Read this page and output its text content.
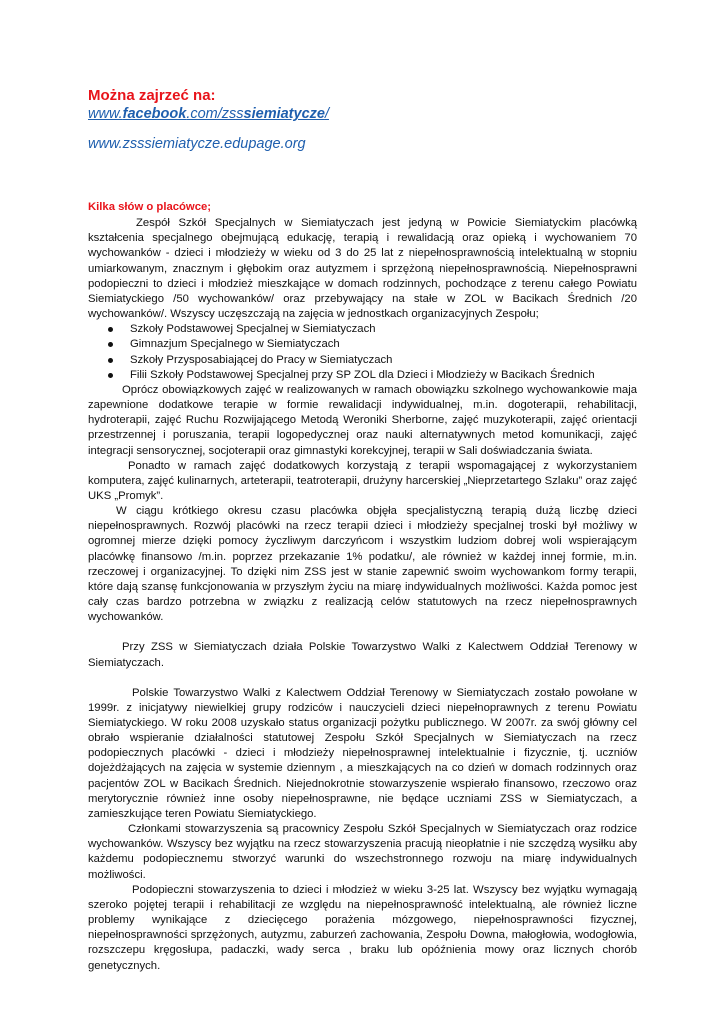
Można zajrzeć na:

www.facebook.com/zsssiemiatycze/

www.zsssiemiatycze.edupage.org

Kilka słów o placówce;

Zespół Szkół Specjalnych w Siemiatyczach jest jedyną w Powicie Siemiatyckim placówką kształcenia specjalnego obejmującą edukację, terapią i rewalidacją oraz opieką i wychowaniem 70 wychowanków - dzieci i młodzieży w wieku od 3 do 25 lat z niepełnosprawnością intelektualną w stopniu umiarkowanym, znacznym i głębokim oraz autyzmem i sprzężoną niepełnosprawnością. Niepełnosprawni podopieczni to dzieci i młodzież mieszkające w domach rodzinnych, pochodzące z terenu całego Powiatu Siemiatyckiego /50 wychowanków/ oraz przebywający na stałe w ZOL w Bacikach Średnich /20 wychowanków/. Wszyscy uczęszczają na zajęcia w jednostkach organizacyjnych Zespołu;

Szkoły Podstawowej Specjalnej w Siemiatyczach
Gimnazjum Specjalnego w Siemiatyczach
Szkoły Przysposabiającej do Pracy w Siemiatyczach
Filii Szkoły Podstawowej Specjalnej przy SP ZOL dla Dzieci i Młodzieży w Bacikach Średnich

Oprócz obowiązkowych zajęć w realizowanych w ramach obowiązku szkolnego wychowankowie maja zapewnione dodatkowe terapie w formie rewalidacji indywidualnej, m.in. dogoterapii, rehabilitacji, hydroterapii, zajęć Ruchu Rozwijającego Metodą Weroniki Sherborne, zajęć muzykoterapii, zajęć orientacji przestrzennej i poruszania, terapii logopedycznej oraz nauki alternatywnych metod komunikacji, zajęć integracji sensorycznej, socjoterapii oraz gimnastyki korekcyjnej, terapii w Sali doświadczania świata.

Ponadto w ramach zajęć dodatkowych korzystają z terapii wspomagającej z wykorzystaniem komputera, zajęć kulinarnych, arteterapii, teatroterapii, drużyny harcerskiej „Nieprzetartego Szlaku” oraz zajęć UKS „Promyk”.

W ciągu krótkiego okresu czasu placówka objęła specjalistyczną terapią dużą liczbę dzieci niepełnosprawnych. Rozwój placówki na rzecz terapii dzieci i młodzieży specjalnej troski był możliwy w ogromnej mierze dzięki pomocy życzliwym darczyńcom i wszystkim ludziom dobrej woli wspierającym placówkę finansowo /m.in. poprzez przekazanie 1% podatku/, ale również w każdej innej formie, m.in. rzeczowej i organizacyjnej. To dzięki nim ZSS jest w stanie zapewnić swoim wychowankom formy terapii, które dają szansę funkcjonowania w przyszłym życiu na miarę indywidualnych możliwości. Każda pomoc jest cały czas bardzo potrzebna w związku z realizacją celów statutowych na rzecz niepełnosprawnych wychowanków.

Przy ZSS w Siemiatyczach działa Polskie Towarzystwo Walki z Kalectwem Oddział Terenowy w Siemiatyczach.

Polskie Towarzystwo Walki z Kalectwem Oddział Terenowy w Siemiatyczach zostało powołane w 1999r. z inicjatywy niewielkiej grupy rodziców i nauczycieli dzieci niepełnoprawnych z terenu Powiatu Siemiatyckiego. W roku 2008 uzyskało status organizacji pożytku publicznego. W 2007r. za swój główny cel obrało wspieranie działalności statutowej Zespołu Szkół Specjalnych w Siemiatyczach na rzecz podopiecznych placówki - dzieci i młodzieży niepełnosprawnej intelektualnie i fizycznie, tj. uczniów dojeżdżających na zajęcia w systemie dziennym , a mieszkających na co dzień w domach rodzinnych oraz pacjentów ZOL w Bacikach Średnich. Niejednokrotnie stowarzyszenie wspierało finansowo, rzeczowo oraz merytorycznie również inne osoby niepełnosprawne, nie będące uczniami ZSS w Siemiatyczach, a zamieszkujące teren Powiatu Siemiatyckiego.

Członkami stowarzyszenia są pracownicy Zespołu Szkół Specjalnych w Siemiatyczach oraz rodzice wychowanków. Wszyscy bez wyjątku na rzecz stowarzyszenia pracują nieopłatnie i nie szczędzą wysiłku aby każdemu podopiecznemu stworzyć warunki do wszechstronnego rozwoju na miarę indywidualnych możliwości.

Podopieczni stowarzyszenia to dzieci i młodzież w wieku 3-25 lat. Wszyscy bez wyjątku wymagają szeroko pojętej terapii i rehabilitacji ze względu na niepełnosprawność intelektualną, ale również liczne problemy wynikające z dziecięcego porażenia mózgowego, niepełnosprawności fizycznej, niepełnosprawności sprzężonych, autyzmu, zaburzeń zachowania, Zespołu Downa, małogłowia, wodogłowia, rozszczepu kręgosłupa, padaczki, wady serca , braku lub opóźnienia mowy oraz licznych chorób genetycznych.
